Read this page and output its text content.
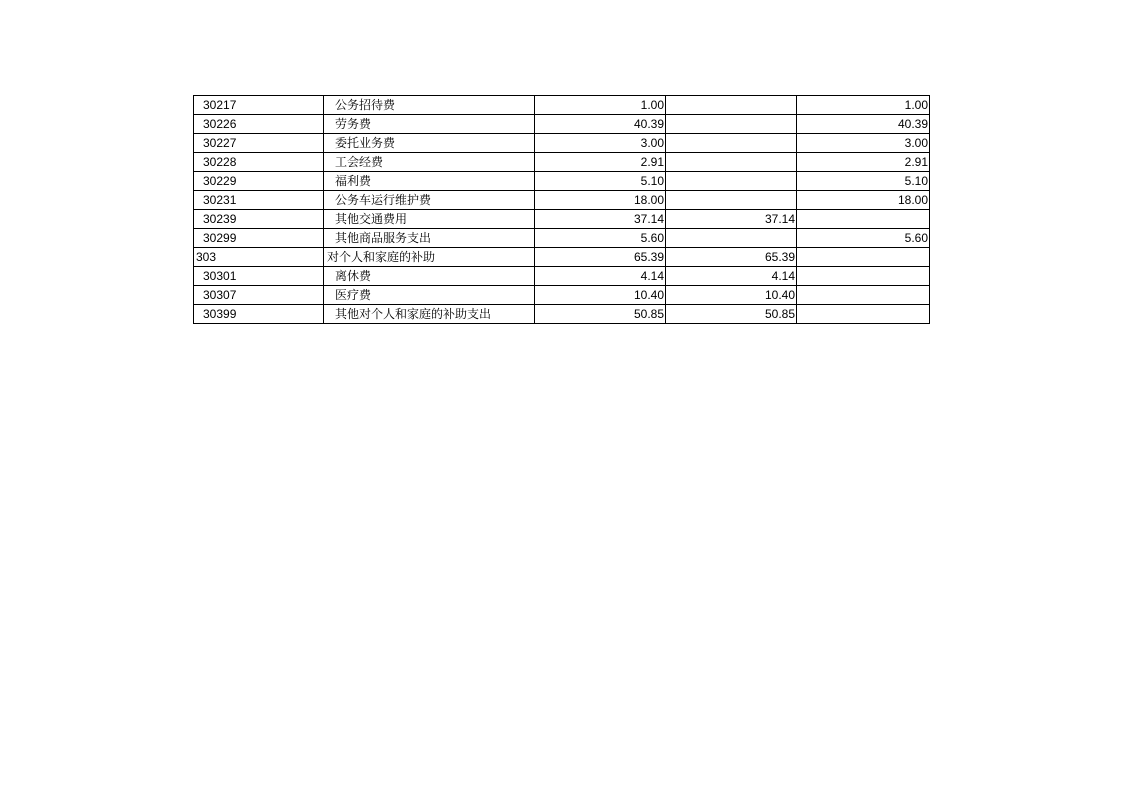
30217	公务招待费	1.00		1.00
30226	劳务费	40.39		40.39
30227	委托业务费	3.00		3.00
30228	工会经费	2.91		2.91
30229	福利费	5.10		5.10
30231	公务车运行维护费	18.00		18.00
30239	其他交通费用	37.14	37.14	
30299	其他商品服务支出	5.60		5.60
303	对个人和家庭的补助	65.39	65.39	
30301	离休费	4.14	4.14	
30307	医疗费	10.40	10.40	
30399	其他对个人和家庭的补助支出	50.85	50.85	
